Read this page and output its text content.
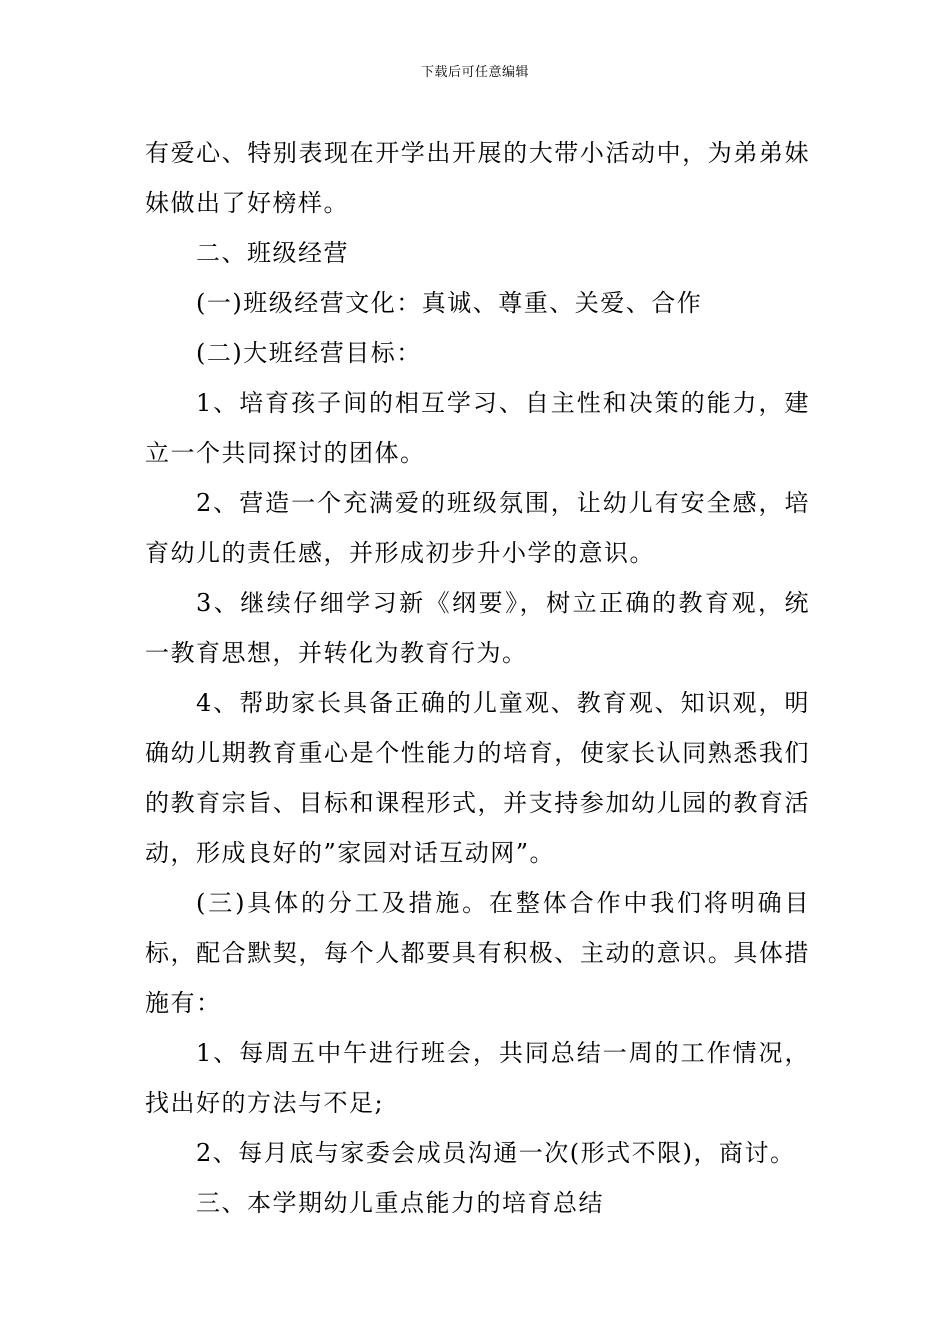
下载后可任意编辑

有爱心、特别表现在开学出开展的大带小活动中，为弟弟妹妹做出了好榜样。

二、班级经营

(一)班级经营文化：真诚、尊重、关爱、合作

(二)大班经营目标：

1、培育孩子间的相互学习、自主性和决策的能力，建立一个共同探讨的团体。

2、营造一个充满爱的班级氛围，让幼儿有安全感，培育幼儿的责任感，并形成初步升小学的意识。

3、继续仔细学习新《纲要》，树立正确的教育观，统一教育思想，并转化为教育行为。

4、帮助家长具备正确的儿童观、教育观、知识观，明确幼儿期教育重心是个性能力的培育，使家长认同熟悉我们的教育宗旨、目标和课程形式，并支持参加幼儿园的教育活动，形成良好的”家园对话互动网”。

(三)具体的分工及措施。在整体合作中我们将明确目标，配合默契，每个人都要具有积极、主动的意识。具体措施有：

1、每周五中午进行班会，共同总结一周的工作情况，找出好的方法与不足;

2、每月底与家委会成员沟通一次(形式不限)，商讨。

三、本学期幼儿重点能力的培育总结
